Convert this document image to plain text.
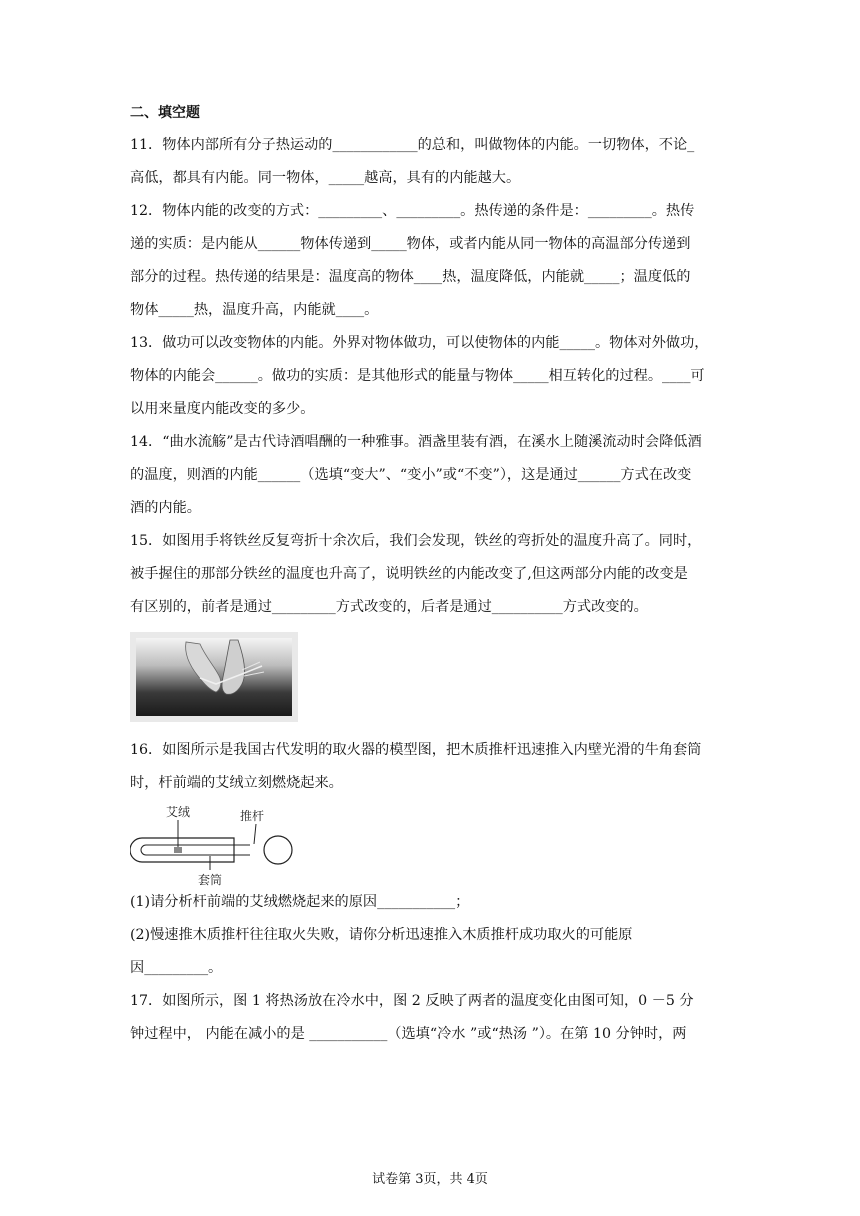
二、填空题

11．物体内部所有分子热运动的____________的总和，叫做物体的内能。一切物体，不论_

高低，都具有内能。同一物体，_____越高，具有的内能越大。

12．物体内能的改变的方式：_________、_________。热传递的条件是：_________。热传

递的实质：是内能从______物体传递到_____物体，或者内能从同一物体的高温部分传递到

部分的过程。热传递的结果是：温度高的物体____热，温度降低，内能就_____；温度低的

物体_____热，温度升高，内能就____。

13．做功可以改变物体的内能。外界对物体做功，可以使物体的内能_____。物体对外做功，

物体的内能会______。做功的实质：是其他形式的能量与物体_____相互转化的过程。____可

以用来量度内能改变的多少。

14．“曲水流觞”是古代诗酒唱酬的一种雅事。酒盏里装有酒，在溪水上随溪流动时会降低酒

的温度，则酒的内能______（选填“变大”、“变小”或“不变”），这是通过______方式在改变

酒的内能。

15．如图用手将铁丝反复弯折十余次后，我们会发现，铁丝的弯折处的温度升高了。同时，

被手握住的那部分铁丝的温度也升高了，说明铁丝的内能改变了,但这两部分内能的改变是

有区别的，前者是通过_________方式改变的，后者是通过__________方式改变的。

16．如图所示是我国古代发明的取火器的模型图，把木质推杆迅速推入内壁光滑的牛角套筒

时，杆前端的艾绒立刻燃烧起来。

艾绒	推杆
套筒

(1)请分析杆前端的艾绒燃烧起来的原因___________；

(2)慢速推木质推杆往往取火失败，请你分析迅速推入木质推杆成功取火的可能原

因_________。

17．如图所示，图 1 将热汤放在冷水中，图 2 反映了两者的温度变化由图可知，0 －5 分

钟过程中， 内能在减小的是 ___________（选填“冷水 ”或“热汤 ”）。在第 10 分钟时，两

试卷第 3页，共 4页
